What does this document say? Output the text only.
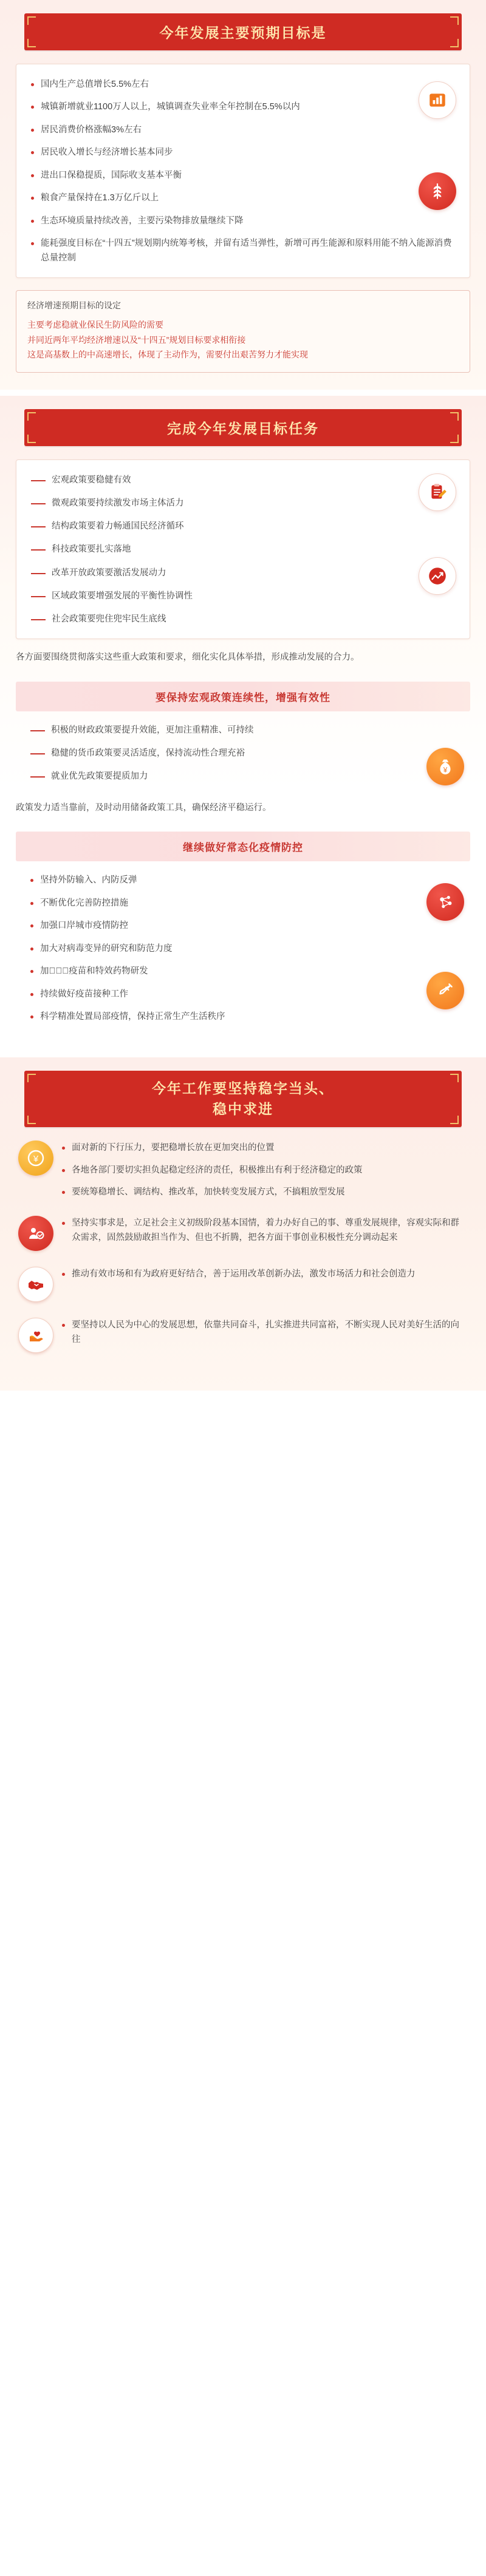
今年发展主要预期目标是
国内生产总值增长5.5%左右
城镇新增就业1100万人以上，城镇调查失业率全年控制在5.5%以内
居民消费价格涨幅3%左右
居民收入增长与经济增长基本同步
进出口保稳提质，国际收支基本平衡
粮食产量保持在1.3万亿斤以上
生态环境质量持续改善，主要污染物排放量继续下降
能耗强度目标在“十四五”规划期内统筹考核，并留有适当弹性，新增可再生能源和原料用能不纳入能源消费总量控制
经济增速预期目标的设定

主要考虑稳就业保民生防风险的需要

并同近两年平均经济增速以及“十四五”规划目标要求相衔接

这是高基数上的中高速增长，体现了主动作为，需要付出艰苦努力才能实现

完成今年发展目标任务
宏观政策要稳健有效
微观政策要持续激发市场主体活力
结构政策要着力畅通国民经济循环
科技政策要扎实落地
改革开放政策要激活发展动力
区域政策要增强发展的平衡性协调性
社会政策要兜住兜牢民生底线
各方面要围绕贯彻落实这些重大政策和要求，细化实化具体举措，形成推动发展的合力。
要保持宏观政策连续性，增强有效性
¥
积极的财政政策要提升效能，更加注重精准、可持续
稳健的货币政策要灵活适度，保持流动性合理充裕
就业优先政策要提质加力
政策发力适当靠前，及时动用储备政策工具，确保经济平稳运行。
继续做好常态化疫情防控
坚持外防输入、内防反弹
不断优化完善防控措施
加强口岸城市疫情防控
加大对病毒变异的研究和防范力度
加快ََ疫苗和特效药物研发
持续做好疫苗接种工作
科学精准处置局部疫情，保持正常生产生活秩序
今年工作要坚持稳字当头、
稳中求进
¥
面对新的下行压力，要把稳增长放在更加突出的位置
各地各部门要切实担负起稳定经济的责任，积极推出有利于经济稳定的政策
要统筹稳增长、调结构、推改革，加快转变发展方式，不搞粗放型发展
坚持实事求是，立足社会主义初级阶段基本国情，着力办好自己的事、尊重发展规律，容观实际和群众需求，固然鼓励敢担当作为、但也不折腾，把各方面干事创业积极性充分调动起来
推动有效市场和有为政府更好结合，善于运用改革创新办法，激发市场活力和社会创造力
要坚持以人民为中心的发展思想，依靠共同奋斗，扎实推进共同富裕，不断实现人民对美好生活的向往
